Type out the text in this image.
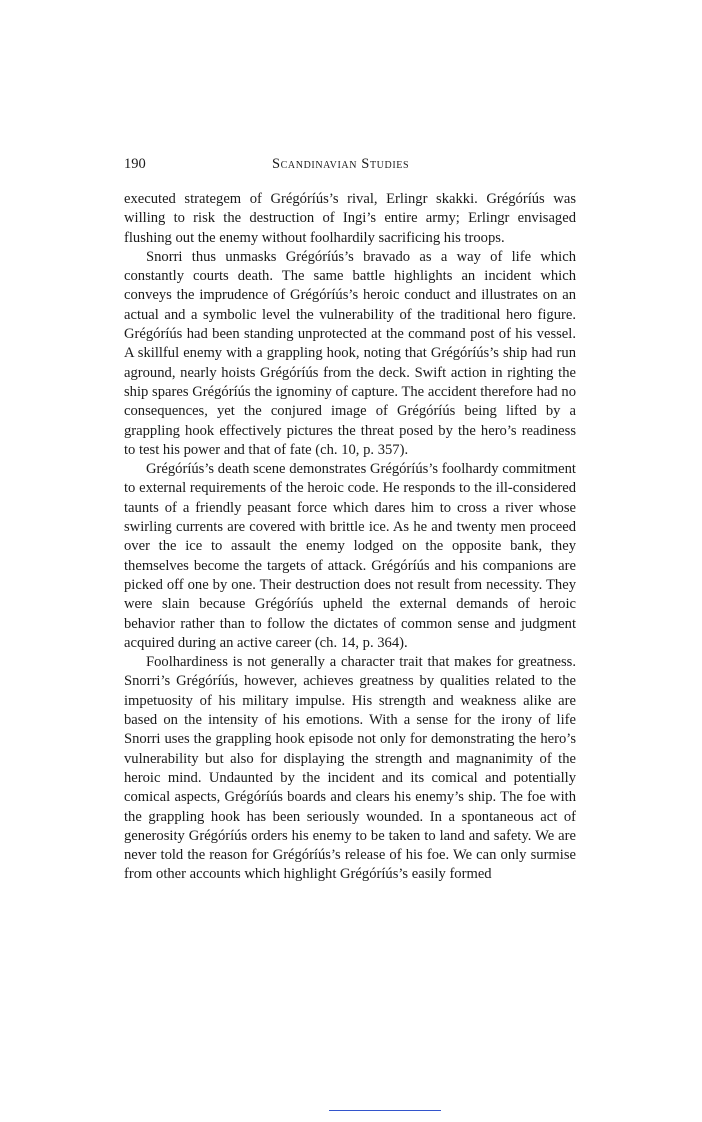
190	Scandinavian Studies

executed strategem of Grégóríús’s rival, Erlingr skakki. Grégóríús was willing to risk the destruction of Ingi’s entire army; Erlingr envisaged flushing out the enemy without foolhardily sacrificing his troops.

Snorri thus unmasks Grégóríús’s bravado as a way of life which constantly courts death. The same battle highlights an incident which conveys the imprudence of Grégóríús’s heroic conduct and illustrates on an actual and a symbolic level the vulnerability of the traditional hero figure. Grégóríús had been standing unprotected at the command post of his vessel. A skillful enemy with a grappling hook, noting that Grégóríús’s ship had run aground, nearly hoists Grégóríús from the deck. Swift action in righting the ship spares Grégóríús the ignominy of capture. The accident therefore had no consequences, yet the conjured image of Grégóríús being lifted by a grappling hook effectively pictures the threat posed by the hero’s readiness to test his power and that of fate (ch. 10, p. 357).

Grégóríús’s death scene demonstrates Grégóríús’s foolhardy commitment to external requirements of the heroic code. He responds to the ill-considered taunts of a friendly peasant force which dares him to cross a river whose swirling currents are covered with brittle ice. As he and twenty men proceed over the ice to assault the enemy lodged on the opposite bank, they themselves become the targets of attack. Grégóríús and his companions are picked off one by one. Their destruction does not result from necessity. They were slain because Grégóríús upheld the external demands of heroic behavior rather than to follow the dictates of common sense and judgment acquired during an active career (ch. 14, p. 364).

Foolhardiness is not generally a character trait that makes for greatness. Snorri’s Grégóríús, however, achieves greatness by qualities related to the impetuosity of his military impulse. His strength and weakness alike are based on the intensity of his emotions. With a sense for the irony of life Snorri uses the grappling hook episode not only for demonstrating the hero’s vulnerability but also for displaying the strength and magnanimity of the heroic mind. Undaunted by the incident and its comical and potentially comical aspects, Grégóríús boards and clears his enemy’s ship. The foe with the grappling hook has been seriously wounded. In a spontaneous act of generosity Grégóríús orders his enemy to be taken to land and safety. We are never told the reason for Grégóríús’s release of his foe. We can only surmise from other accounts which highlight Grégóríús’s easily formed
